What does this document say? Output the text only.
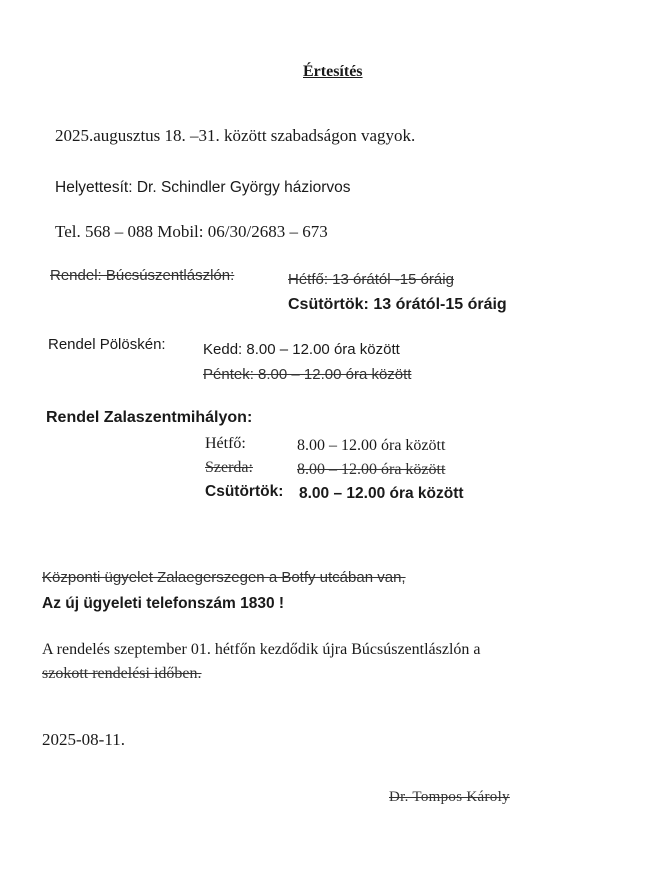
Értesítés
2025.augusztus 18. –31. között szabadságon vagyok.
Helyettesít: Dr. Schindler György háziorvos
Tel. 568 – 088 Mobil: 06/30/2683 – 673
Rendel: Búcsúszentlászlón:	Hétfő: 13 órától -15 óráig
Csütörtök: 13 órától-15 óráig
Rendel Pölöskén: Kedd: 8.00 – 12.00 óra között
Péntek: 8.00 – 12.00 óra között
Rendel Zalaszentmihályon:
Hétfő:	8.00 – 12.00 óra között
Szerda:	8.00 – 12.00 óra között
Csütörtök: 8.00 – 12.00 óra között
Központi ügyelet Zalaegerszegen a Botfy utcában van,
Az új ügyeleti telefonszám 1830 !
A rendelés szeptember 01. hétfőn kezdődik újra Búcsúszentlászlón a
szokott rendelési időben.
2025-08-11.
Dr. Tompos Károly
